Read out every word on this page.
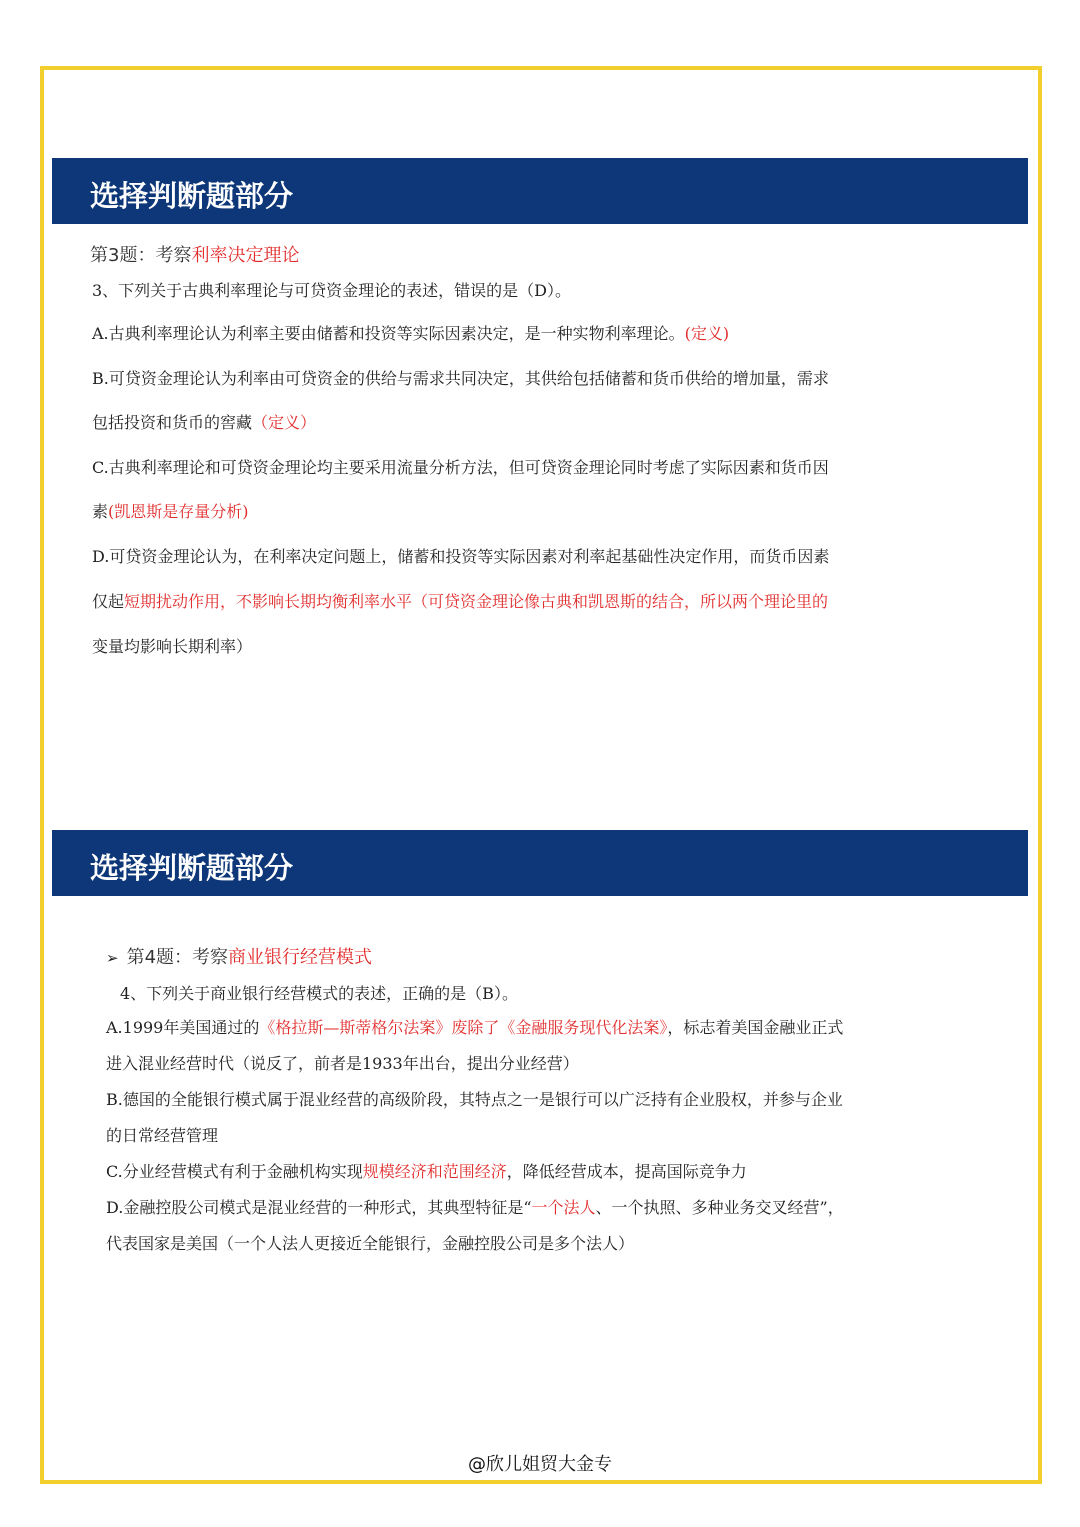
选择判断题部分
第3题：考察利率决定理论
3、下列关于古典利率理论与可贷资金理论的表述，错误的是（D）。
A.古典利率理论认为利率主要由储蓄和投资等实际因素决定，是一种实物利率理论。(定义)
B.可贷资金理论认为利率由可贷资金的供给与需求共同决定，其供给包括储蓄和货币供给的增加量，需求
包括投资和货币的窖藏（定义）
C.古典利率理论和可贷资金理论均主要采用流量分析方法，但可贷资金理论同时考虑了实际因素和货币因
素(凯恩斯是存量分析)
D.可贷资金理论认为，在利率决定问题上，储蓄和投资等实际因素对利率起基础性决定作用，而货币因素
仅起短期扰动作用，不影响长期均衡利率水平（可贷资金理论像古典和凯恩斯的结合，所以两个理论里的
变量均影响长期利率）
选择判断题部分
➢ 第4题：考察商业银行经营模式
4、下列关于商业银行经营模式的表述，正确的是（B）。
A.1999年美国通过的《格拉斯—斯蒂格尔法案》废除了《金融服务现代化法案》，标志着美国金融业正式
进入混业经营时代（说反了，前者是1933年出台，提出分业经营）
B.德国的全能银行模式属于混业经营的高级阶段，其特点之一是银行可以广泛持有企业股权，并参与企业
的日常经营管理
C.分业经营模式有利于金融机构实现规模经济和范围经济，降低经营成本，提高国际竞争力
D.金融控股公司模式是混业经营的一种形式，其典型特征是“一个法人、一个执照、多种业务交叉经营”，
代表国家是美国（一个人法人更接近全能银行，金融控股公司是多个法人）
@欣儿姐贸大金专
